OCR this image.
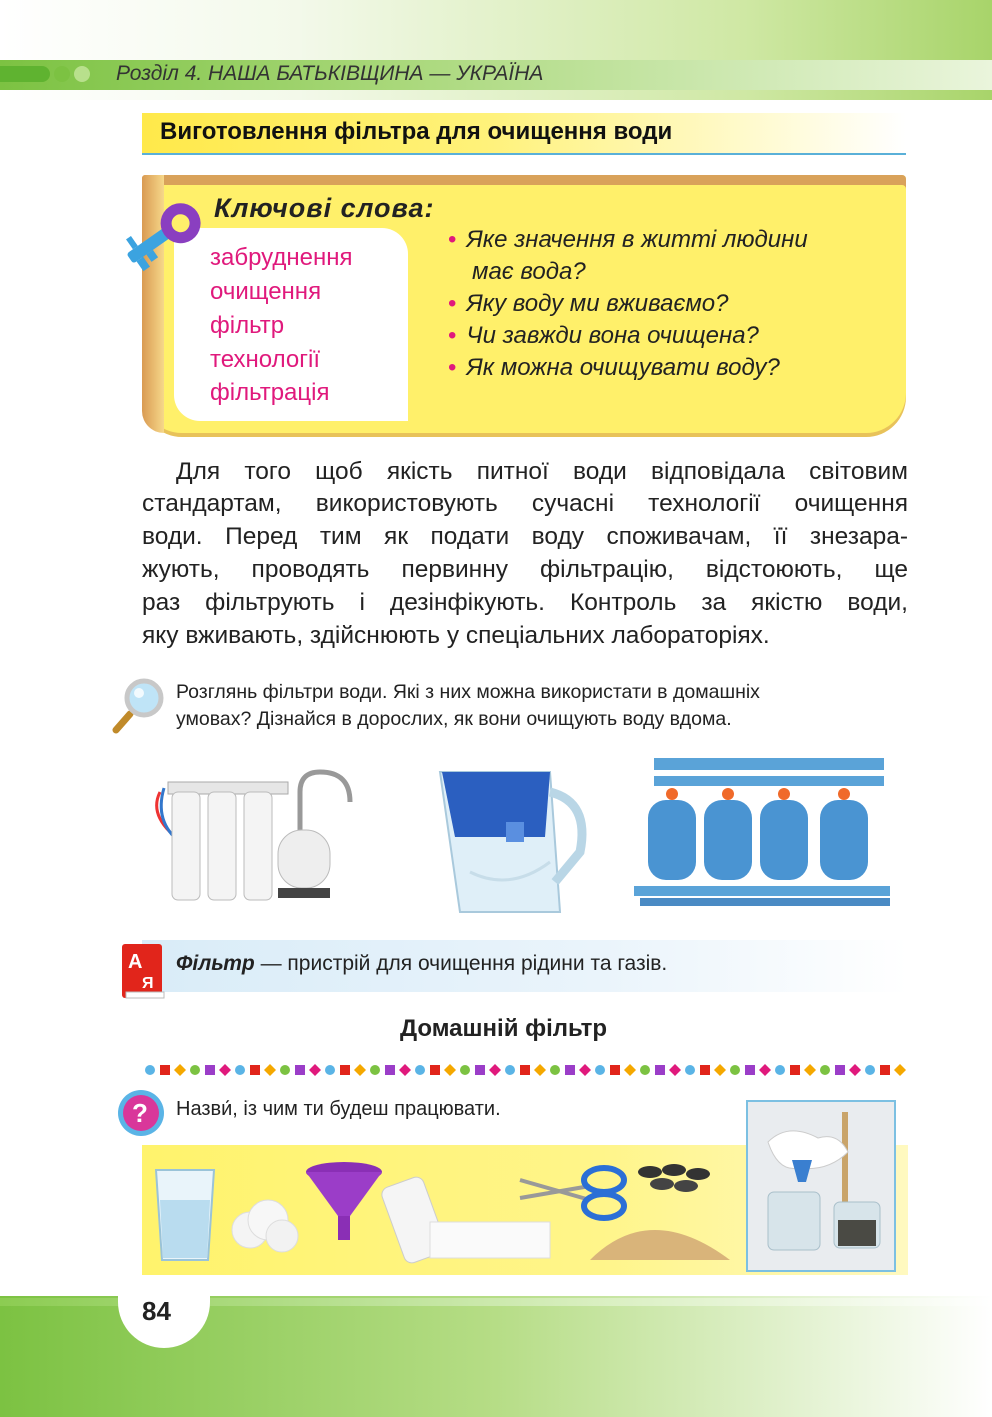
Розділ 4. НАША БАТЬКІВЩИНА — УКРАЇНА
Виготовлення фільтра для очищення води
забруднення
очищення
фільтр
технології
фільтрація
Ключові слова:
• Яке значення в житті людини
має вода?
• Яку воду ми вживаємо?
• Чи завжди вона очищена?
• Як можна очищувати воду?
Для того щоб якість питної води відповідала світовим
стандартам, використовують сучасні технології очищення
води. Перед тим як подати воду споживачам, її знезара-
жують, проводять первинну фільтрацію, відстоюють, ще
раз фільтрують і дезінфікують. Контроль за якістю води,
яку вживають, здійснюють у спеціальних лабораторіях.
Розглянь фільтри води. Які з них можна використати в домашніх
умовах? Дізнайся в дорослих, як вони очищують воду вдома.
А
Я
Фільтр — пристрій для очищення рідини та газів.
Домашній фільтр
? Назви́, із чим ти будеш працювати.
84
